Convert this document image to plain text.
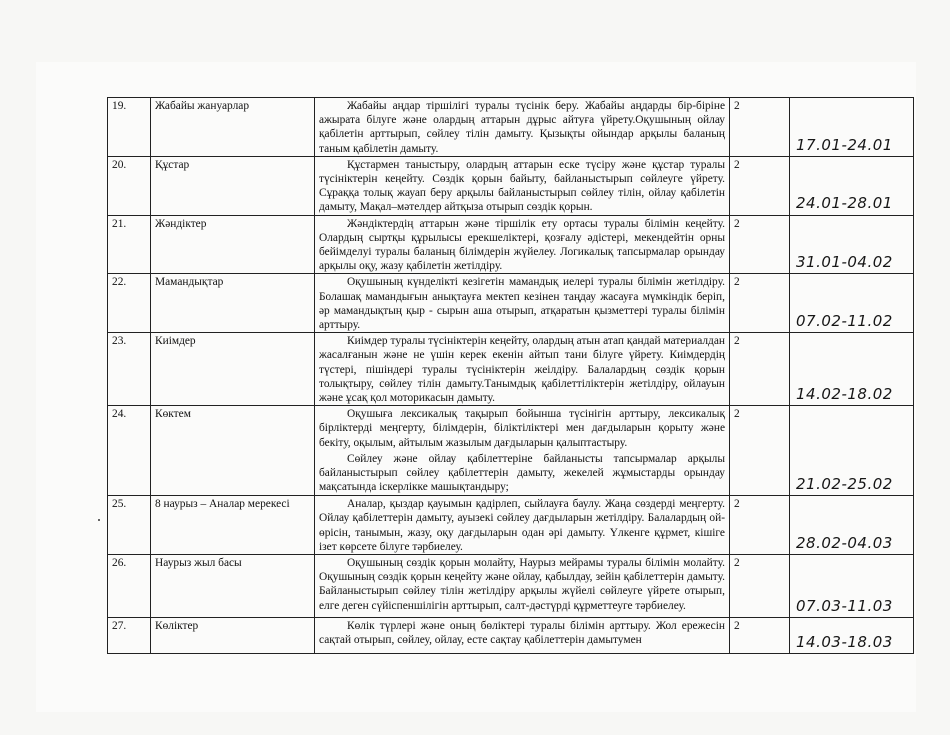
19.	Жабайы жануарлар	Жабайы аңдар тіршілігі туралы түсінік беру. Жабайы аңдарды бір-біріне ажырата білуге және олардың аттарын дұрыс айтуға үйрету.Оқушының ойлау қабілетін арттырып, сөйлеу тілін дамыту. Қызықты ойындар арқылы баланың таным қабілетін дамыту.	2	17.01-24.01

20.	Құстар	Құстармен таныстыру, олардың аттарын еске түсіру және құстар туралы түсініктерін кеңейту. Сөздік қорын байыту, байланыстырып сөйлеуге үйрету. Сұраққа толық жауап беру арқылы байланыстырып сөйлеу тілін, ойлау қабілетін дамыту, Мақал–мәтелдер айтқыза отырып сөздік қорын.	2	24.01-28.01

21.	Жәндіктер	Жәндіктердің аттарын және тіршілік ету ортасы туралы білімін кеңейту. Олардың сыртқы құрылысы ерекшеліктері, қозғалу әдістері, мекендейтін орны бейімделуі туралы баланың білімдерін жүйелеу. Логикалық тапсырмалар орындау арқылы оқу, жазу қабілетін жетілдіру.	2	31.01-04.02

22.	Мамандықтар	Оқушының күнделікті кезігетін мамандық иелері туралы білімін жетілдіру. Болашақ мамандығын анықтауға мектеп кезінен таңдау жасауға мүмкіндік беріп, әр мамандықтың қыр - сырын аша отырып, атқаратын қызметтері туралы білімін арттыру.	2	07.02-11.02

23.	Киімдер	Киімдер туралы түсініктерін кеңейту, олардың атын атап қандай материалдан жасалғанын және не үшін керек екенін айтып тани білуге үйрету. Киімдердің түстері, пішіндері туралы түсініктерін жеілдіру. Балалардың сөздік қорын толықтыру, сөйлеу тілін дамыту.Танымдық қабілеттіліктерін жетілдіру, ойлауын және ұсақ қол моторикасын дамыту.	2	14.02-18.02

24.	Көктем	Оқушыға лексикалық тақырып бойынша түсінігін арттыру, лексикалық бірліктерді меңгерту, білімдерін, біліктіліктері мен дағдыларын қорыту және бекіту, оқылым, айтылым жазылым дағдыларын қалыптастыру.

Сөйлеу және ойлау қабілеттеріне байланысты тапсырмалар арқылы байланыстырып сөйлеу қабілеттерін дамыту, жекелей жұмыстарды орындау мақсатында іскерлікке машықтандыру;	2	21.02-25.02

25.	8 наурыз – Аналар мерекесі	Аналар, қыздар қауымын қадірлеп, сыйлауға баулу. Жаңа сөздерді меңгерту. Ойлау қабілеттерін дамыту, ауызекі сөйлеу дағдыларын жетілдіру. Балалардың ой-өрісін, танымын, жазу, оқу дағдыларын одан әрі дамыту. Үлкенге құрмет, кішіге ізет көрсете білуге тәрбиелеу.	2	28.02-04.03

26.	Наурыз жыл басы	Оқушының сөздік қорын молайту, Наурыз мейрамы туралы білімін молайту. Оқушының сөздік қорын кеңейту және ойлау, қабылдау, зейін қабілеттерін дамыту. Байланыстырып сөйлеу тілін жетілдіру арқылы жүйелі сөйлеуге үйрете отырып, елге деген сүйіспеншілігін арттырып, салт-дәстүрді құрметтеуге тәрбиелеу.	2	07.03-11.03

27.	Көліктер	Көлік түрлері және оның бөліктері туралы білімін арттыру. Жол ережесін сақтай отырып, сөйлеу, ойлау, есте сақтау қабілеттерін дамытумен	2	14.03-18.03
